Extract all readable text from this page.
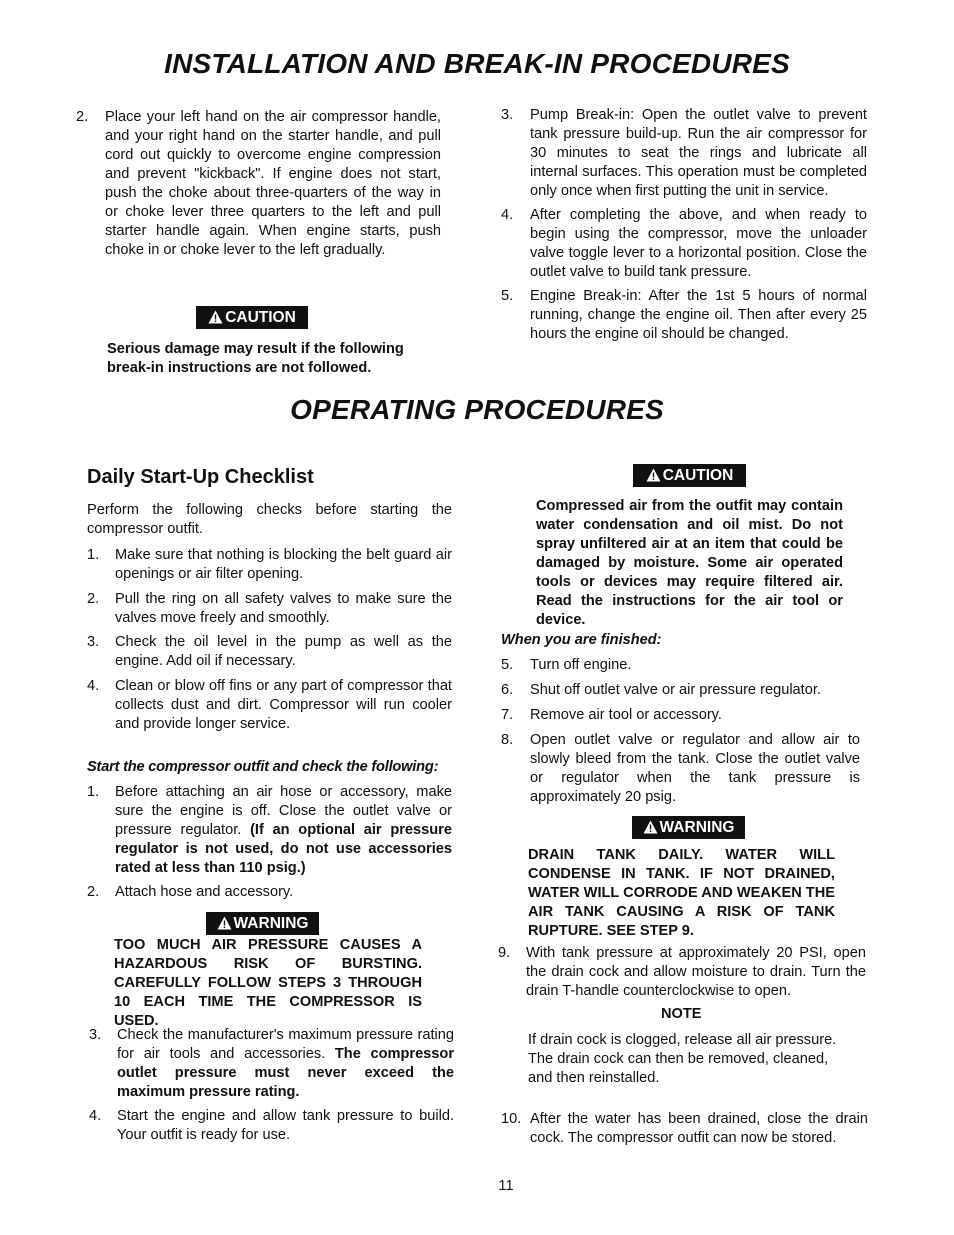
INSTALLATION AND BREAK-IN PROCEDURES
OPERATING PROCEDURES
2. Place your left hand on the air compressor handle, and your right hand on the starter handle, and pull cord out quickly to overcome engine compression and prevent "kickback". If engine does not start, push the choke about three-quarters of the way in or choke lever three quarters to the left and pull starter handle again. When engine starts, push choke in or choke lever to the left gradually.
CAUTION
Serious damage may result if the following break-in instructions are not followed.
3. Pump Break-in: Open the outlet valve to prevent tank pressure build-up. Run the air compressor for 30 minutes to seat the rings and lubricate all internal surfaces. This operation must be completed only once when first putting the unit in service.
4. After completing the above, and when ready to begin using the compressor, move the unloader valve toggle lever to a horizontal position. Close the outlet valve to build tank pressure.
5. Engine Break-in: After the 1st 5 hours of normal running, change the engine oil. Then after every 25 hours the engine oil should be changed.
Daily Start-Up Checklist
Perform the following checks before starting the compressor outfit.
1. Make sure that nothing is blocking the belt guard air openings or air filter opening.
2. Pull the ring on all safety valves to make sure the valves move freely and smoothly.
3. Check the oil level in the pump as well as the engine. Add oil if necessary.
4. Clean or blow off fins or any part of compressor that collects dust and dirt. Compressor will run cooler and provide longer service.
Start the compressor outfit and check the following:
1. Before attaching an air hose or accessory, make sure the engine is off. Close the outlet valve or pressure regulator. (If an optional air pressure regulator is not used, do not use accessories rated at less than 110 psig.)
2. Attach hose and accessory.
WARNING
TOO MUCH AIR PRESSURE CAUSES A HAZARDOUS RISK OF BURSTING. CAREFULLY FOLLOW STEPS 3 THROUGH 10 EACH TIME THE COMPRESSOR IS USED.
3. Check the manufacturer's maximum pressure rating for air tools and accessories. The compressor outlet pressure must never exceed the maximum pressure rating.
4. Start the engine and allow tank pressure to build. Your outfit is ready for use.
CAUTION
Compressed air from the outfit may contain water condensation and oil mist. Do not spray unfiltered air at an item that could be damaged by moisture. Some air operated tools or devices may require filtered air. Read the instructions for the air tool or device.
When you are finished:
5. Turn off engine.
6. Shut off outlet valve or air pressure regulator.
7. Remove air tool or accessory.
8. Open outlet valve or regulator and allow air to slowly bleed from the tank. Close the outlet valve or regulator when the tank pressure is approximately 20 psig.
WARNING
DRAIN TANK DAILY. WATER WILL CONDENSE IN TANK. IF NOT DRAINED, WATER WILL CORRODE AND WEAKEN THE AIR TANK CAUSING A RISK OF TANK RUPTURE. SEE STEP 9.
9. With tank pressure at approximately 20 PSI, open the drain cock and allow moisture to drain. Turn the drain T-handle counterclockwise to open.
NOTE
If drain cock is clogged, release all air pressure. The drain cock can then be removed, cleaned, and then reinstalled.
10. After the water has been drained, close the drain cock. The compressor outfit can now be stored.
11
